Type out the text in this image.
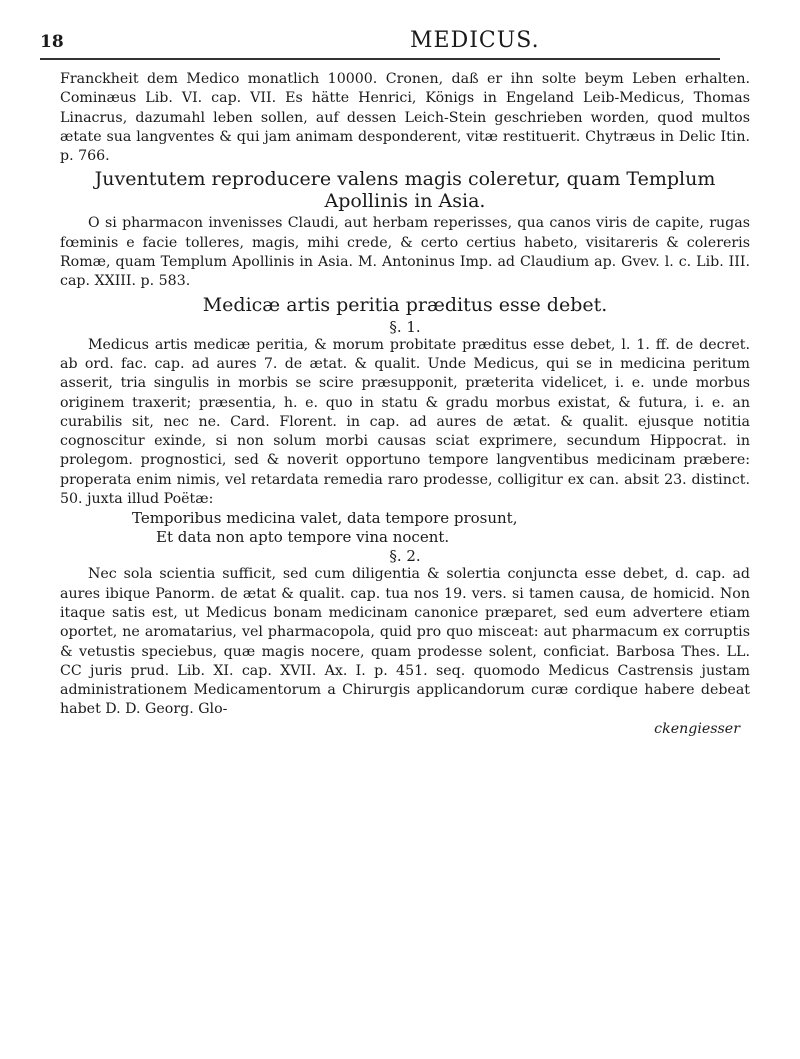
18	MEDICUS.

Franckheit dem Medico monatlich 10000. Cronen, daß er ihn solte beym Leben erhalten. Cominæus Lib. VI. cap. VII. Es hätte Henrici, Königs in Engeland Leib-Medicus, Thomas Linacrus, dazumahl leben sollen, auf dessen Leich-Stein geschrieben worden, quod multos ætate sua langventes & qui jam animam desponderent, vitæ restituerit. Chytræus in Delic Itin. p. 766.

Juventutem reproducere valens magis coleretur, quam Templum Apollinis in Asia.

O si pharmacon invenisses Claudi, aut herbam reperisses, qua canos viris de capite, rugas fœminis e facie tolleres, magis, mihi crede, & certo certius habeto, visitareris & colereris Romæ, quam Templum Apollinis in Asia. M. Antoninus Imp. ad Claudium ap. Gvev. l. c. Lib. III. cap. XXIII. p. 583.

Medicæ artis peritia præditus esse debet.

§. 1.

Medicus artis medicæ peritia, & morum probitate præditus esse debet, l. 1. ff. de decret. ab ord. fac. cap. ad aures 7. de ætat. & qualit. Unde Medicus, qui se in medicina peritum asserit, tria singulis in morbis se scire præsupponit, præterita videlicet, i. e. unde morbus originem traxerit; præsentia, h. e. quo in statu & gradu morbus existat, & futura, i. e. an curabilis sit, nec ne. Card. Florent. in cap. ad aures de ætat. & qualit. ejusque notitia cognoscitur exinde, si non solum morbi causas sciat exprimere, secundum Hippocrat. in prolegom. prognostici, sed & noverit opportuno tempore langventibus medicinam præbere: properata enim nimis, vel retardata remedia raro prodesse, colligitur ex can. absit 23. distinct. 50. juxta illud Poëtæ:

Temporibus medicina valet, data tempore prosunt,

Et data non apto tempore vina nocent.

§. 2.

Nec sola scientia sufficit, sed cum diligentia & solertia conjuncta esse debet, d. cap. ad aures ibique Panorm. de ætat & qualit. cap. tua nos 19. vers. si tamen causa, de homicid. Non itaque satis est, ut Medicus bonam medicinam canonice præparet, sed eum advertere etiam oportet, ne aromatarius, vel pharmacopola, quid pro quo misceat: aut pharmacum ex corruptis & vetustis speciebus, quæ magis nocere, quam prodesse solent, conficiat. Barbosa Thes. LL. CC juris prud. Lib. XI. cap. XVII. Ax. I. p. 451. seq. quomodo Medicus Castrensis justam administrationem Medicamentorum a Chirurgis applicandorum curæ cordique habere debeat habet D. D. Georg. Glo-

ckengiesser
